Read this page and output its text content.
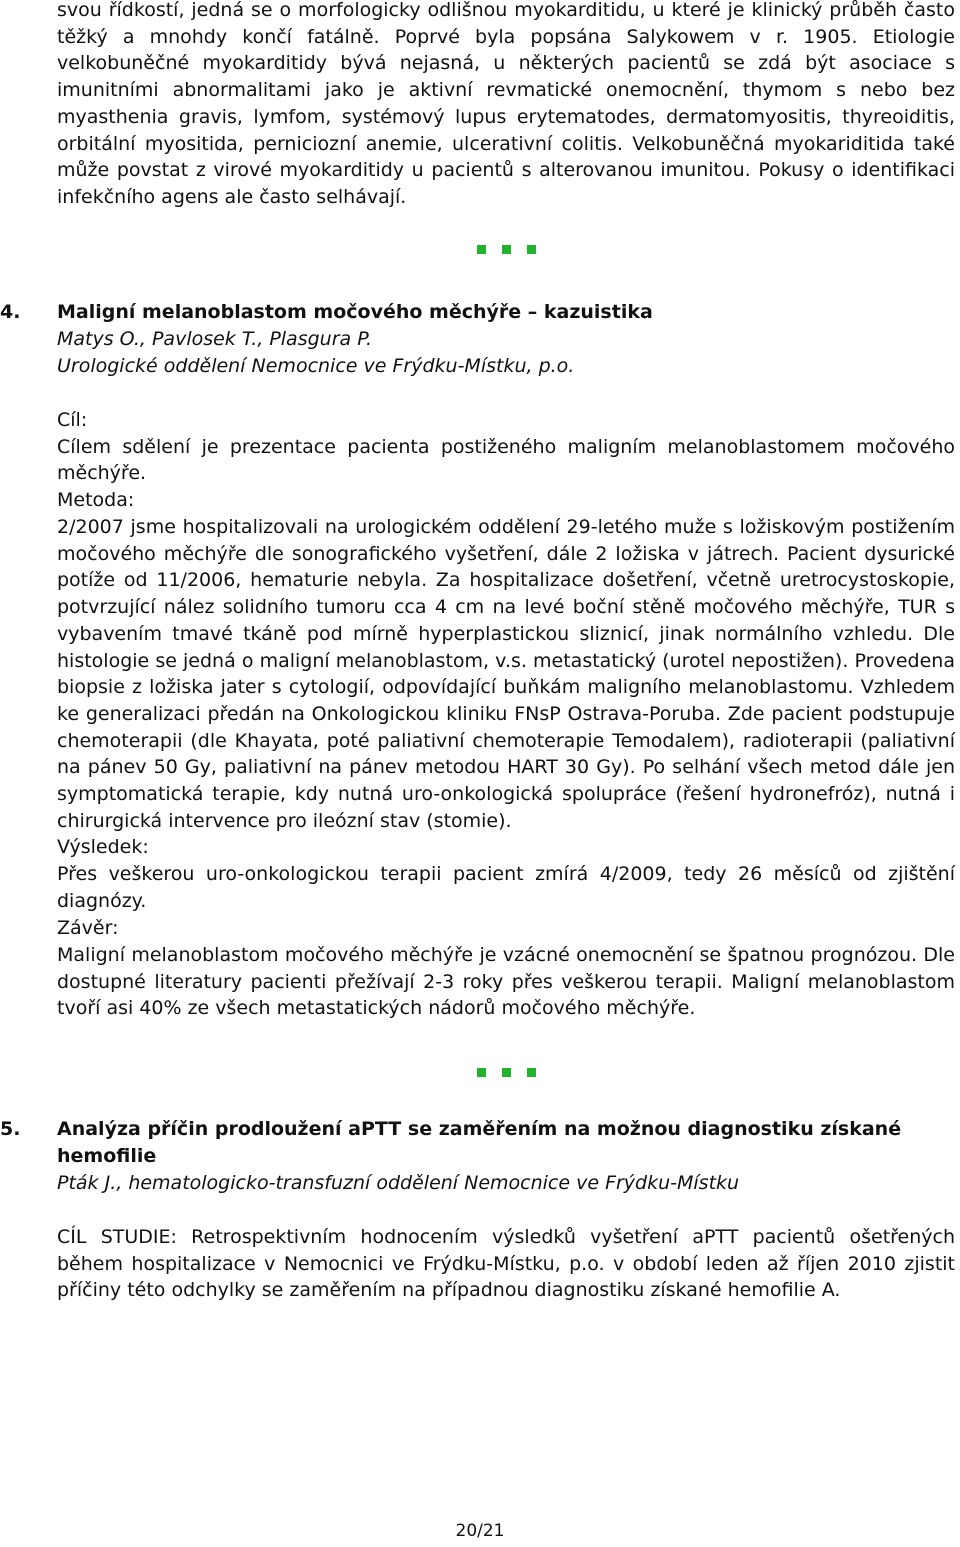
svou řídkostí, jedná se o morfologicky odlišnou myokarditidu, u které je klinický průběh často těžký a mnohdy končí fatálně. Poprvé byla popsána Salykowem v r. 1905. Etiologie velkobuněčné myokarditidy bývá nejasná, u některých pacientů se zdá být asociace s imunitními abnormalitami jako je aktivní revmatické onemocnění, thymom s nebo bez myasthenia gravis, lymfom, systémový lupus erytematodes, dermatomyositis, thyreoiditis, orbitální myositida, perniciozní anemie, ulcerativní colitis. Velkobuněčná myokariditida také může povstat z virové myokarditidy u pacientů s alterovanou imunitou. Pokusy o identifikaci infekčního agens ale často selhávají.

4.	Maligní melanoblastom močového měchýře – kazuistika

Matys O., Pavlosek T., Plasgura P.

Urologické oddělení Nemocnice ve Frýdku-Místku, p.o.

Cíl:

Cílem sdělení je prezentace pacienta postiženého maligním melanoblastomem močového měchýře.

Metoda:

2/2007 jsme hospitalizovali na urologickém oddělení 29-letého muže s ložiskovým postižením močového měchýře dle sonografického vyšetření, dále 2 ložiska v játrech. Pacient dysurické potíže od 11/2006, hematurie nebyla. Za hospitalizace došetření, včetně uretrocystoskopie, potvrzující nález solidního tumoru cca 4 cm na levé boční stěně močového měchýře, TUR s vybavením tmavé tkáně pod mírně hyperplastickou sliznicí, jinak normálního vzhledu. Dle histologie se jedná o maligní melanoblastom, v.s. metastatický (urotel nepostižen). Provedena biopsie z ložiska jater s cytologií, odpovídající buňkám maligního melanoblastomu. Vzhledem ke generalizaci předán na Onkologickou kliniku FNsP Ostrava-Poruba. Zde pacient podstupuje chemoterapii (dle Khayata, poté paliativní chemoterapie Temodalem), radioterapii (paliativní na pánev 50 Gy, paliativní na pánev metodou HART 30 Gy). Po selhání všech metod dále jen symptomatická terapie, kdy nutná uro-onkologická spolupráce (řešení hydronefróz), nutná i chirurgická intervence pro ileózní stav (stomie).

Výsledek:

Přes veškerou uro-onkologickou terapii pacient zmírá 4/2009, tedy 26 měsíců od zjištění diagnózy.

Závěr:

Maligní melanoblastom močového měchýře je vzácné onemocnění se špatnou prognózou. Dle dostupné literatury pacienti přežívají 2-3 roky přes veškerou terapii. Maligní melanoblastom tvoří asi 40% ze všech metastatických nádorů močového měchýře.

5.	Analýza příčin prodloužení aPTT se zaměřením na možnou diagnostiku získané hemofilie

Pták J., hematologicko-transfuzní oddělení Nemocnice ve Frýdku-Místku

CÍL STUDIE: Retrospektivním hodnocením výsledků vyšetření aPTT pacientů ošetřených během hospitalizace v Nemocnici ve Frýdku-Místku, p.o. v období leden až říjen 2010 zjistit příčiny této odchylky se zaměřením na případnou diagnostiku získané hemofilie A.

20/21
